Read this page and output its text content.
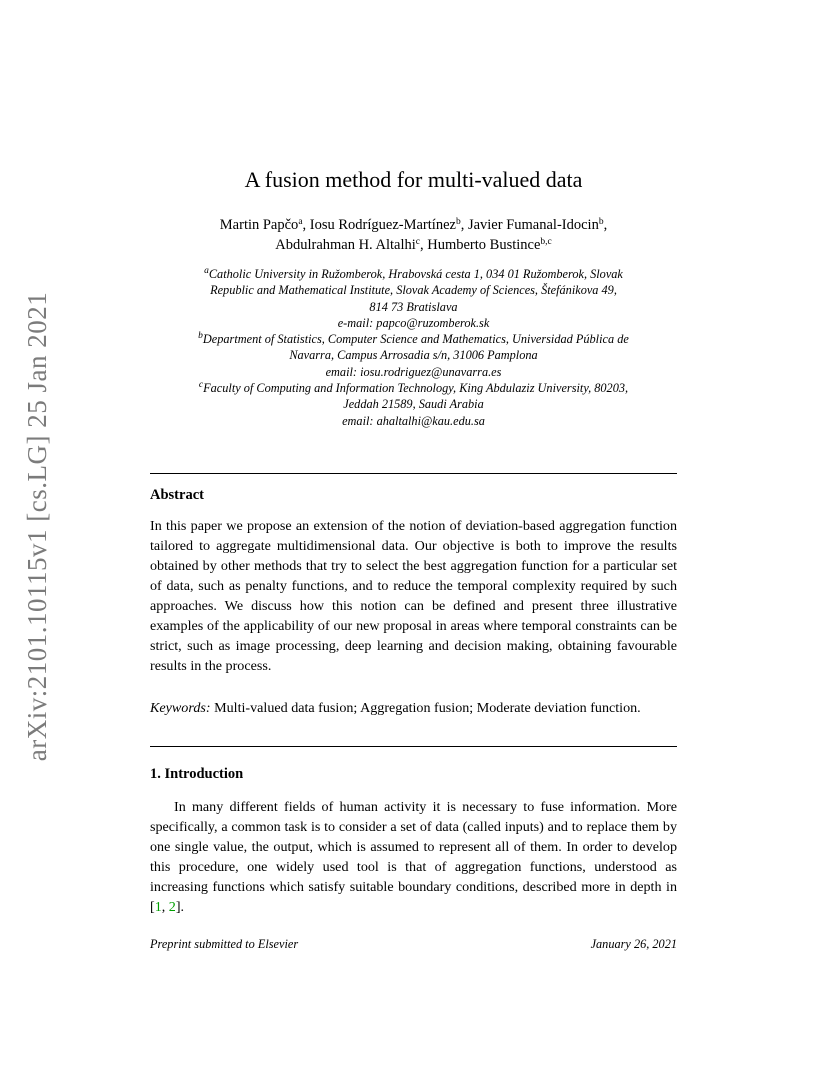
arXiv:2101.10115v1 [cs.LG] 25 Jan 2021
A fusion method for multi-valued data
Martin Papčo$^a$, Iosu Rodríguez-Martínez$^b$, Javier Fumanal-Idocin$^b$,
Abdulrahman H. Altalhi$^c$, Humberto Bustince$^{b,c}$
$^a$Catholic University in Ružomberok, Hrabovská cesta 1, 034 01 Ružomberok, Slovak
Republic and Mathematical Institute, Slovak Academy of Sciences, Štefánikova 49,
814 73 Bratislava
e-mail: papco@ruzomberok.sk
$^b$Department of Statistics, Computer Science and Mathematics, Universidad Pública de
Navarra, Campus Arrosadia s/n, 31006 Pamplona
email: iosu.rodriguez@unavarra.es
$^c$Faculty of Computing and Information Technology, King Abdulaziz University, 80203,
Jeddah 21589, Saudi Arabia
email: ahaltalhi@kau.edu.sa
Abstract
In this paper we propose an extension of the notion of deviation-based aggregation function tailored to aggregate multidimensional data. Our objective is both to improve the results obtained by other methods that try to select the best aggregation function for a particular set of data, such as penalty functions, and to reduce the temporal complexity required by such approaches. We discuss how this notion can be defined and present three illustrative examples of the applicability of our new proposal in areas where temporal constraints can be strict, such as image processing, deep learning and decision making, obtaining favourable results in the process.
Keywords: Multi-valued data fusion; Aggregation fusion; Moderate deviation function.
1. Introduction
In many different fields of human activity it is necessary to fuse information. More specifically, a common task is to consider a set of data (called inputs) and to replace them by one single value, the output, which is assumed to represent all of them. In order to develop this procedure, one widely used tool is that of aggregation functions, understood as increasing functions which satisfy suitable boundary conditions, described more in depth in [1, 2].
Preprint submitted to Elsevier	January 26, 2021
